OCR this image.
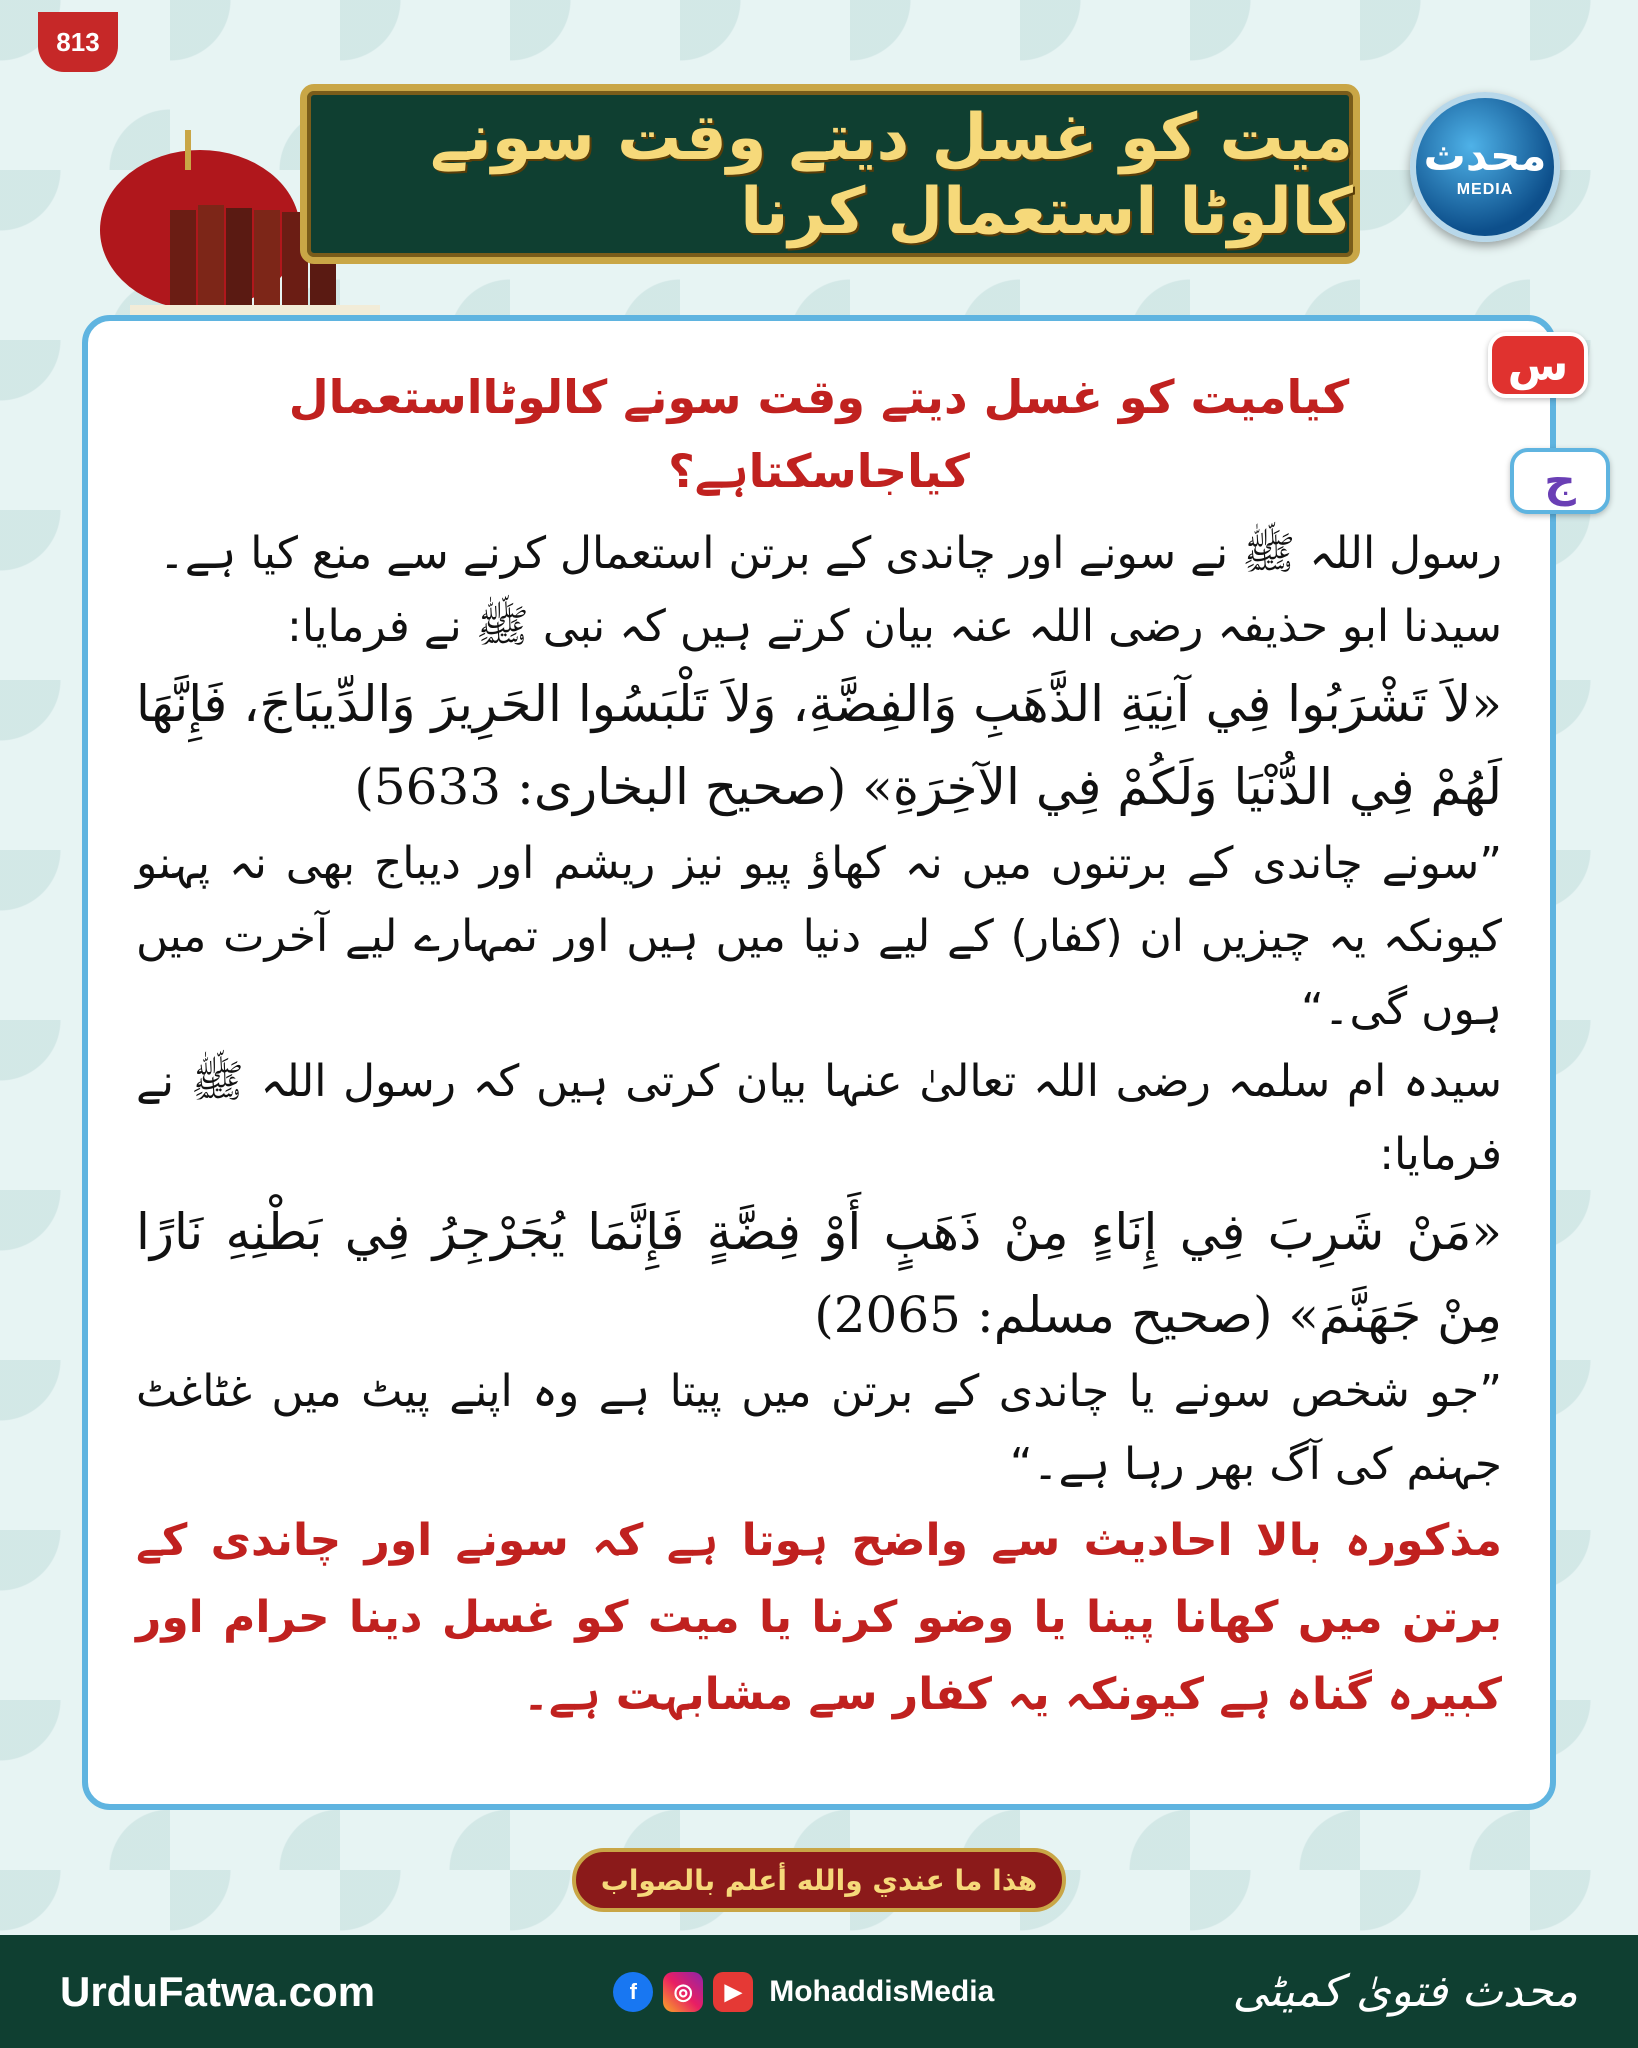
813
میت کو غسل دیتے وقت سونے کالوٹا استعمال کرنا
محدث
MEDIA
س
ج
کیامیت کو غسل دیتے وقت سونے کالوٹااستعمال کیاجاسکتاہے؟
رسول اللہ ﷺ نے سونے اور چاندی کے برتن استعمال کرنے سے منع کیا ہے۔
سیدنا ابو حذیفہ رضی اللہ عنہ بیان کرتے ہیں کہ نبی ﷺ نے فرمایا:
«لاَ تَشْرَبُوا فِي آنِيَةِ الذَّهَبِ وَالفِضَّةِ، وَلاَ تَلْبَسُوا الحَرِيرَ وَالدِّيبَاجَ، فَإِنَّهَا لَهُمْ فِي الدُّنْيَا وَلَكُمْ فِي الآخِرَةِ» (صحيح البخاری: 5633)
”سونے چاندی کے برتنوں میں نہ کھاؤ پیو نیز ریشم اور دیباج بھی نہ پہنو کیونکہ یہ چیزیں ان (کفار) کے لیے دنیا میں ہیں اور تمہارے لیے آخرت میں ہوں گی۔“
سیدہ ام سلمہ رضی اللہ تعالیٰ عنہا بیان کرتی ہیں کہ رسول اللہ ﷺ نے فرمایا:
«مَنْ شَرِبَ فِي إِنَاءٍ مِنْ ذَهَبٍ أَوْ فِضَّةٍ فَإِنَّمَا يُجَرْجِرُ فِي بَطْنِهِ نَارًا مِنْ جَهَنَّمَ» (صحيح مسلم: 2065)
”جو شخص سونے یا چاندی کے برتن میں پیتا ہے وہ اپنے پیٹ میں غٹاغٹ جہنم کی آگ بھر رہا ہے۔“
مذکورہ بالا احادیث سے واضح ہوتا ہے کہ سونے اور چاندی کے برتن میں کھانا پینا یا وضو کرنا یا میت کو غسل دینا حرام اور کبیرہ گناہ ہے کیونکہ یہ کفار سے مشابہت ہے۔
هذا ما عندي والله أعلم بالصواب
UrduFatwa.com	f	◎	▶ MohaddisMedia	محدث فتویٰ کمیٹی
